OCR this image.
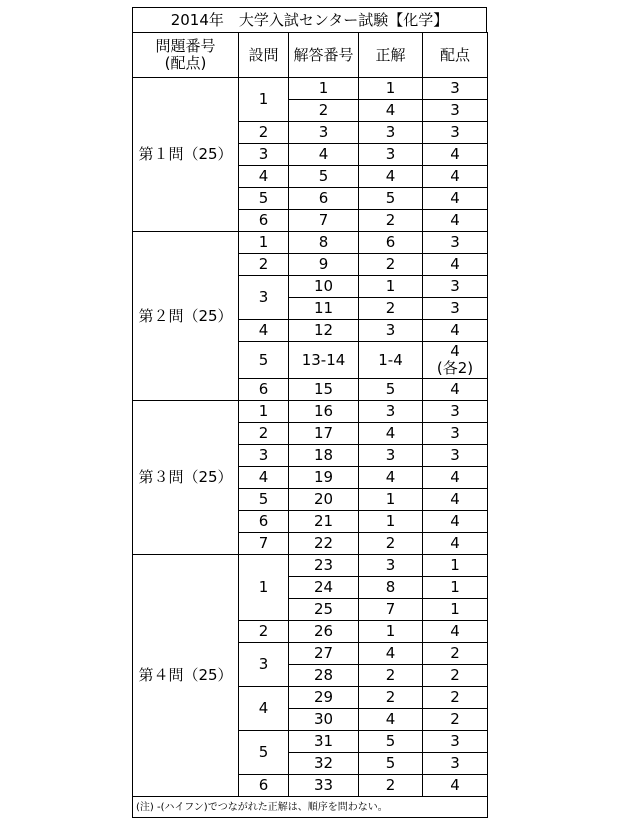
2014年　大学入試センター試験【化学】
問題番号
(配点)	設問	解答番号	正解	配点
第１問（25）	1	1	1	3
		2	4	3
	2	3	3	3
	3	4	3	4
	4	5	4	4
	5	6	5	4
	6	7	2	4
第２問（25）	1	8	6	3
	2	9	2	4
	3	10	1	3
		11	2	3
	4	12	3	4
	5	13-14	1-4	4
(各2)

	6	15	5	4
第３問（25）	1	16	3	3
	2	17	4	3
	3	18	3	3
	4	19	4	4
	5	20	1	4
	6	21	1	4
	7	22	2	4
第４問（25）	1	23	3	1
		24	8	1
		25	7	1
	2	26	1	4
	3	27	4	2
		28	2	2
	4	29	2	2
		30	4	2
	5	31	5	3
		32	5	3
	6	33	2	4
(注) -(ハイフン)でつながれた正解は、順序を問わない。				
